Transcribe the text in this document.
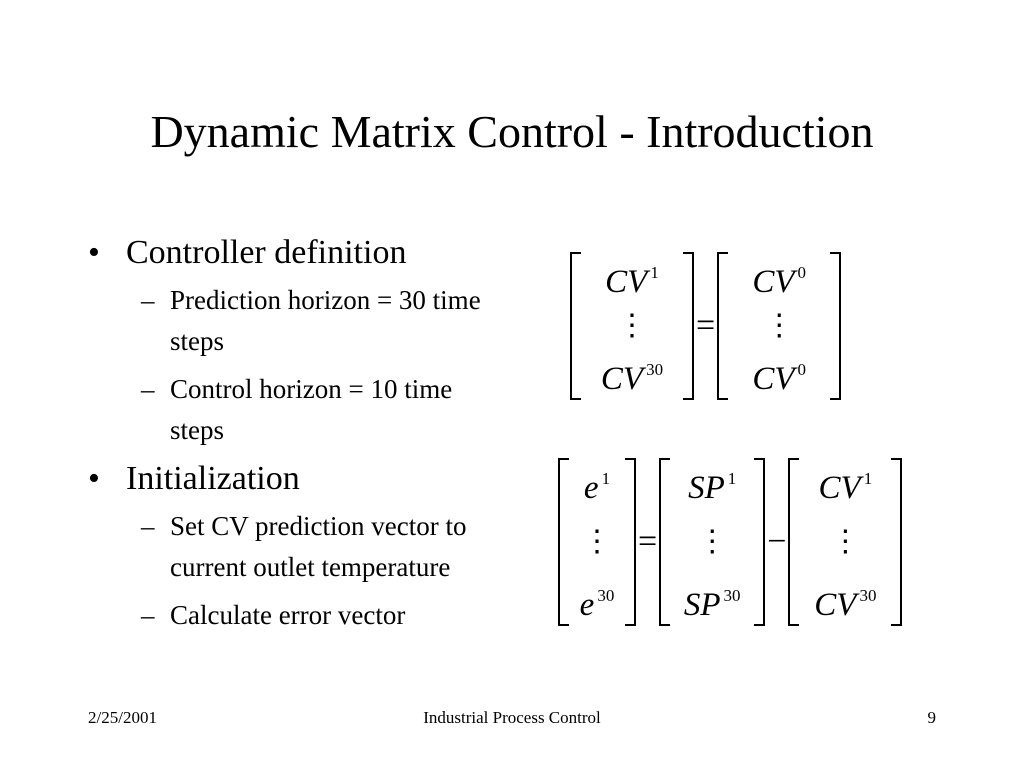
Dynamic Matrix Control - Introduction
• Controller definition
– Prediction horizon = 30 time steps
– Control horizon = 10 time steps
• Initialization
– Set CV prediction vector to current outlet temperature
– Calculate error vector
CV $^1$
⋮
CV $^{30}$
=
CV $^0$
⋮
CV $^0$
e $^1$
⋮
e $^{30}$
=
SP $^1$
⋮
SP $^{30}$
−
CV $^1$
⋮
CV $^{30}$
2/25/2001	Industrial Process Control	9
